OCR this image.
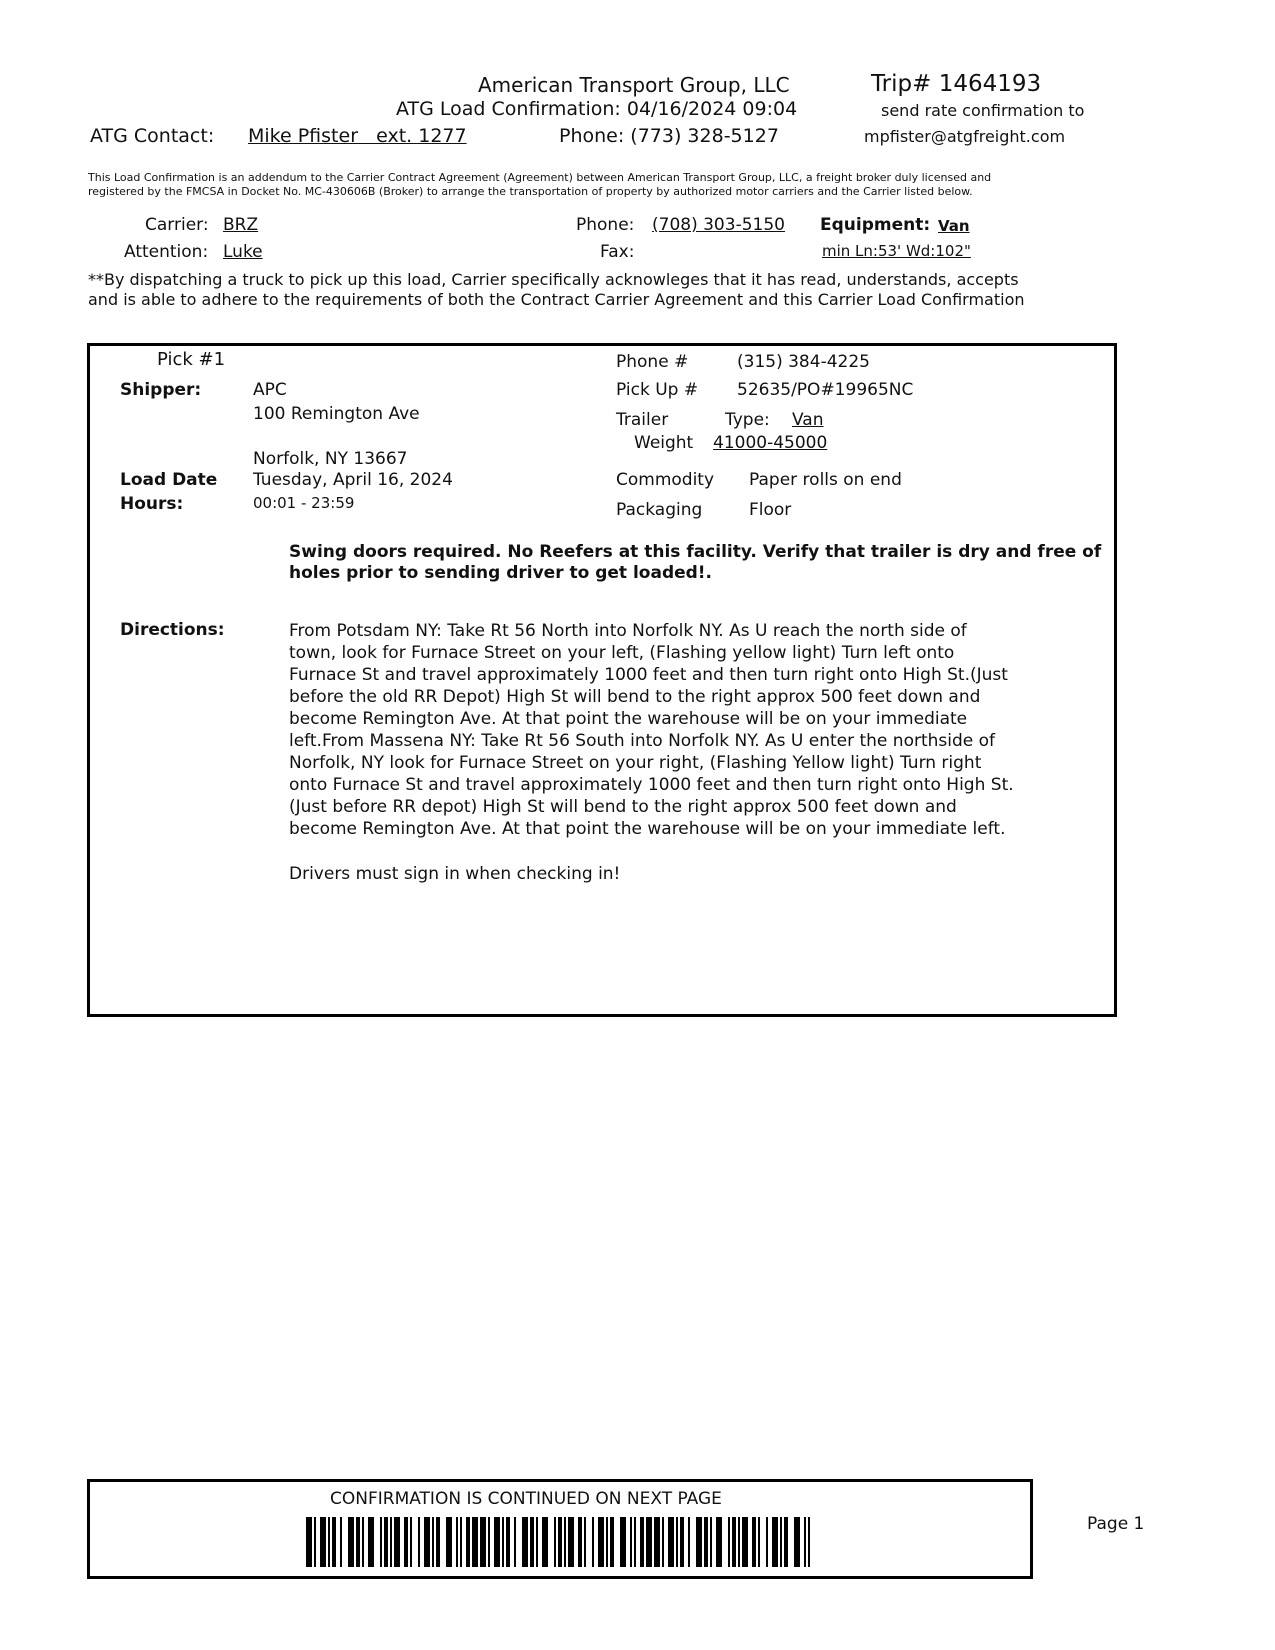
American Transport Group, LLC	Trip# 1464193
ATG Load Confirmation: 04/16/2024 09:04	send rate confirmation to
ATG Contact: Mike Pfister   ext. 1277	Phone: (773) 328-5127	mpfister@atgfreight.com
This Load Confirmation is an addendum to the Carrier Contract Agreement (Agreement) between American Transport Group, LLC, a freight broker duly licensed and
registered by the FMCSA in Docket No. MC-430606B (Broker) to arrange the transportation of property by authorized motor carriers and the Carrier listed below.
Carrier: BRZ
Attention: Luke
Phone: (708) 303-5150
Fax:
Equipment: Van
min Ln:53' Wd:102"
**By dispatching a truck to pick up this load, Carrier specifically acknowleges that it has read, understands, accepts
and is able to adhere to the requirements of both the Contract Carrier Agreement and this Carrier Load Confirmation
Pick #1
Shipper:	APC
100 Remington Ave
Norfolk, NY 13667
Load Date Tuesday, April 16, 2024
Hours:	00:01 - 23:59
Phone #	(315) 384-4225
Pick Up # 52635/PO#19965NC
Trailer	Type: Van
Weight 41000-45000
Commodity Paper rolls on end
Packaging	Floor
Swing doors required. No Reefers at this facility. Verify that trailer is dry and free of
holes prior to sending driver to get loaded!.
Directions:	From Potsdam NY: Take Rt 56 North into Norfolk NY. As U reach the north side of
town, look for Furnace Street on your left, (Flashing yellow light) Turn left onto
Furnace St and travel approximately 1000 feet and then turn right onto High St.(Just
before the old RR Depot) High St will bend to the right approx 500 feet down and
become Remington Ave. At that point the warehouse will be on your immediate
left.From Massena NY: Take Rt 56 South into Norfolk NY. As U enter the northside of
Norfolk, NY look for Furnace Street on your right, (Flashing Yellow light) Turn right
onto Furnace St and travel approximately 1000 feet and then turn right onto High St.
(Just before RR depot) High St will bend to the right approx 500 feet down and
become Remington Ave. At that point the warehouse will be on your immediate left.
Drivers must sign in when checking in!
CONFIRMATION IS CONTINUED ON NEXT PAGE
Page 1
